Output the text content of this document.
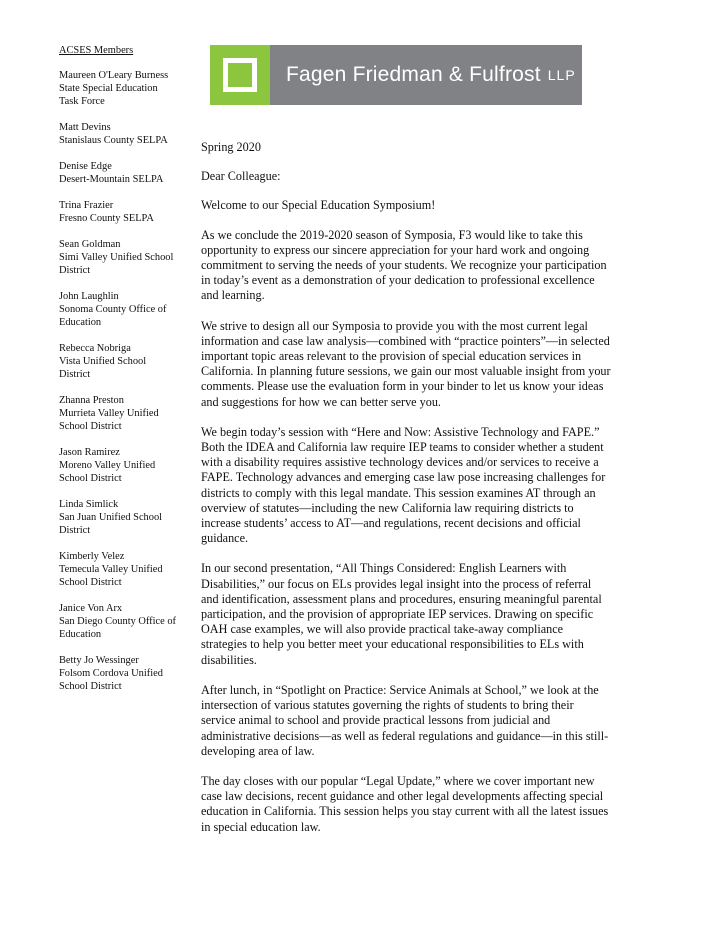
ACSES Members
Maureen O'Leary Burness
State Special Education
Task Force
Matt Devins
Stanislaus County SELPA
Denise Edge
Desert-Mountain SELPA
Trina Frazier
Fresno County SELPA
Sean Goldman
Simi Valley Unified School
District
John Laughlin
Sonoma County Office of
Education
Rebecca Nobriga
Vista Unified School
District
Zhanna Preston
Murrieta Valley Unified
School District
Jason Ramirez
Moreno Valley Unified
School District
Linda Simlick
San Juan Unified School
District
Kimberly Velez
Temecula Valley Unified
School District
Janice Von Arx
San Diego County Office of
Education
Betty Jo Wessinger
Folsom Cordova Unified
School District
Fagen Friedman & Fulfrost LLP

Spring 2020

Dear Colleague:

Welcome to our Special Education Symposium!

As we conclude the 2019-2020 season of Symposia, F3 would like to take this opportunity to express our sincere appreciation for your hard work and ongoing commitment to serving the needs of your students. We recognize your participation in today’s event as a demonstration of your dedication to professional excellence and learning.

We strive to design all our Symposia to provide you with the most current legal information and case law analysis—combined with “practice pointers”—in selected important topic areas relevant to the provision of special education services in California. In planning future sessions, we gain our most valuable insight from your comments. Please use the evaluation form in your binder to let us know your ideas and suggestions for how we can better serve you.

We begin today’s session with “Here and Now: Assistive Technology and FAPE.” Both the IDEA and California law require IEP teams to consider whether a student with a disability requires assistive technology devices and/or services to receive a FAPE. Technology advances and emerging case law pose increasing challenges for districts to comply with this legal mandate. This session examines AT through an overview of statutes—including the new California law requiring districts to increase students’ access to AT—and regulations, recent decisions and official guidance.

In our second presentation, “All Things Considered: English Learners with Disabilities,” our focus on ELs provides legal insight into the process of referral and identification, assessment plans and procedures, ensuring meaningful parental participation, and the provision of appropriate IEP services. Drawing on specific OAH case examples, we will also provide practical take-away compliance strategies to help you better meet your educational responsibilities to ELs with disabilities.

After lunch, in “Spotlight on Practice: Service Animals at School,” we look at the intersection of various statutes governing the rights of students to bring their service animal to school and provide practical lessons from judicial and administrative decisions—as well as federal regulations and guidance—in this still-developing area of law.

The day closes with our popular “Legal Update,” where we cover important new case law decisions, recent guidance and other legal developments affecting special education in California. This session helps you stay current with all the latest issues in special education law.
